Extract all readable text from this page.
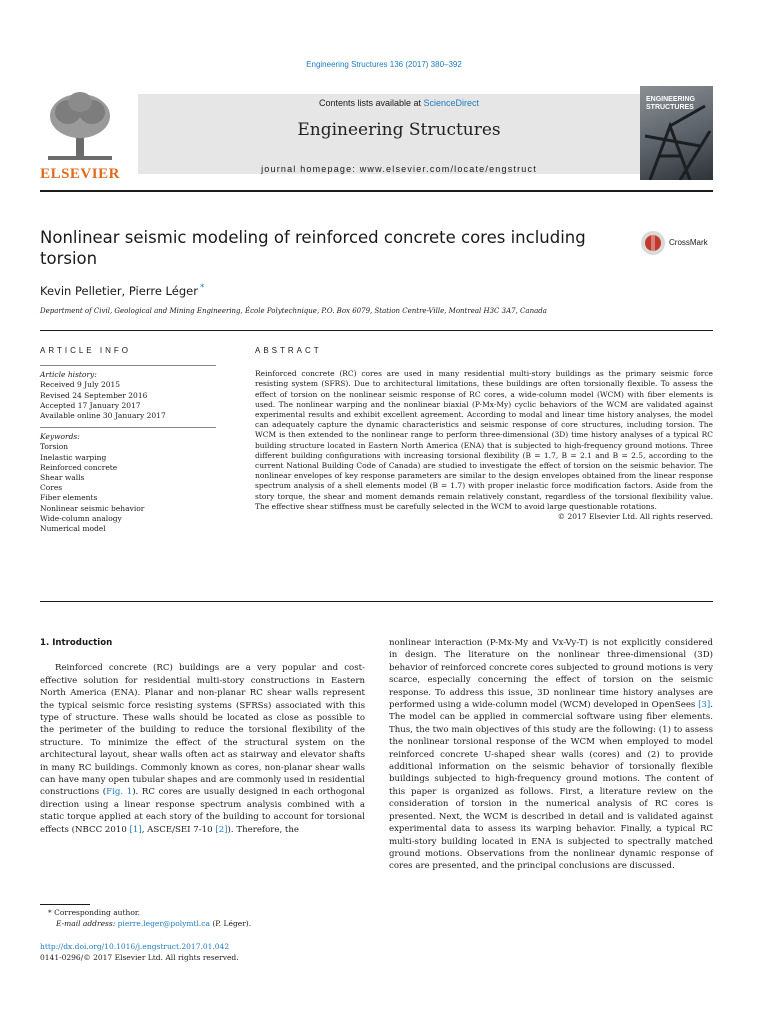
Engineering Structures 136 (2017) 380–392
ELSEVIER
Contents lists available at ScienceDirect
Engineering Structures
journal homepage: www.elsevier.com/locate/engstruct
ENGINEERING
STRUCTURES
Nonlinear seismic modeling of reinforced concrete cores including torsion
CrossMark
Kevin Pelletier, Pierre Léger *
Department of Civil, Geological and Mining Engineering, École Polytechnique, P.O. Box 6079, Station Centre-Ville, Montreal H3C 3A7, Canada
ARTICLE INFO
Article history:
Received 9 July 2015
Revised 24 September 2016
Accepted 17 January 2017
Available online 30 January 2017
Keywords:
Torsion
Inelastic warping
Reinforced concrete
Shear walls
Cores
Fiber elements
Nonlinear seismic behavior
Wide-column analogy
Numerical model
ABSTRACT
Reinforced concrete (RC) cores are used in many residential multi-story buildings as the primary seismic force resisting system (SFRS). Due to architectural limitations, these buildings are often torsionally flexible. To assess the effect of torsion on the nonlinear seismic response of RC cores, a wide-column model (WCM) with fiber elements is used. The nonlinear warping and the nonlinear biaxial (P-Mx-My) cyclic behaviors of the WCM are validated against experimental results and exhibit excellent agreement. According to modal and linear time history analyses, the model can adequately capture the dynamic characteristics and seismic response of core structures, including torsion. The WCM is then extended to the nonlinear range to perform three-dimensional (3D) time history analyses of a typical RC building structure located in Eastern North America (ENA) that is subjected to high-frequency ground motions. Three different building configurations with increasing torsional flexibility (B = 1.7, B = 2.1 and B = 2.5, according to the current National Building Code of Canada) are studied to investigate the effect of torsion on the seismic behavior. The nonlinear envelopes of key response parameters are similar to the design envelopes obtained from the linear response spectrum analysis of a shell elements model (B = 1.7) with proper inelastic force modification factors. Aside from the story torque, the shear and moment demands remain relatively constant, regardless of the torsional flexibility value. The effective shear stiffness must be carefully selected in the WCM to avoid large questionable rotations.
© 2017 Elsevier Ltd. All rights reserved.
1. Introduction
Reinforced concrete (RC) buildings are a very popular and cost-effective solution for residential multi-story constructions in Eastern North America (ENA). Planar and non-planar RC shear walls represent the typical seismic force resisting systems (SFRSs) associated with this type of structure. These walls should be located as close as possible to the perimeter of the building to reduce the torsional flexibility of the structure. To minimize the effect of the structural system on the architectural layout, shear walls often act as stairway and elevator shafts in many RC buildings. Commonly known as cores, non-planar shear walls can have many open tubular shapes and are commonly used in residential constructions (Fig. 1). RC cores are usually designed in each orthogonal direction using a linear response spectrum analysis combined with a static torque applied at each story of the building to account for torsional effects (NBCC 2010 [1], ASCE/SEI 7-10 [2]). Therefore, the
nonlinear interaction (P-Mx-My and Vx-Vy-T) is not explicitly considered in design. The literature on the nonlinear three-dimensional (3D) behavior of reinforced concrete cores subjected to ground motions is very scarce, especially concerning the effect of torsion on the seismic response. To address this issue, 3D nonlinear time history analyses are performed using a wide-column model (WCM) developed in OpenSees [3]. The model can be applied in commercial software using fiber elements. Thus, the two main objectives of this study are the following: (1) to assess the nonlinear torsional response of the WCM when employed to model reinforced concrete U-shaped shear walls (cores) and (2) to provide additional information on the seismic behavior of torsionally flexible buildings subjected to high-frequency ground motions. The content of this paper is organized as follows. First, a literature review on the consideration of torsion in the numerical analysis of RC cores is presented. Next, the WCM is described in detail and is validated against experimental data to assess its warping behavior. Finally, a typical RC multi-story building located in ENA is subjected to spectrally matched ground motions. Observations from the nonlinear dynamic response of cores are presented, and the principal conclusions are discussed.
* Corresponding author.
E-mail address: pierre.leger@polymtl.ca (P. Léger).
http://dx.doi.org/10.1016/j.engstruct.2017.01.042
0141-0296/© 2017 Elsevier Ltd. All rights reserved.
